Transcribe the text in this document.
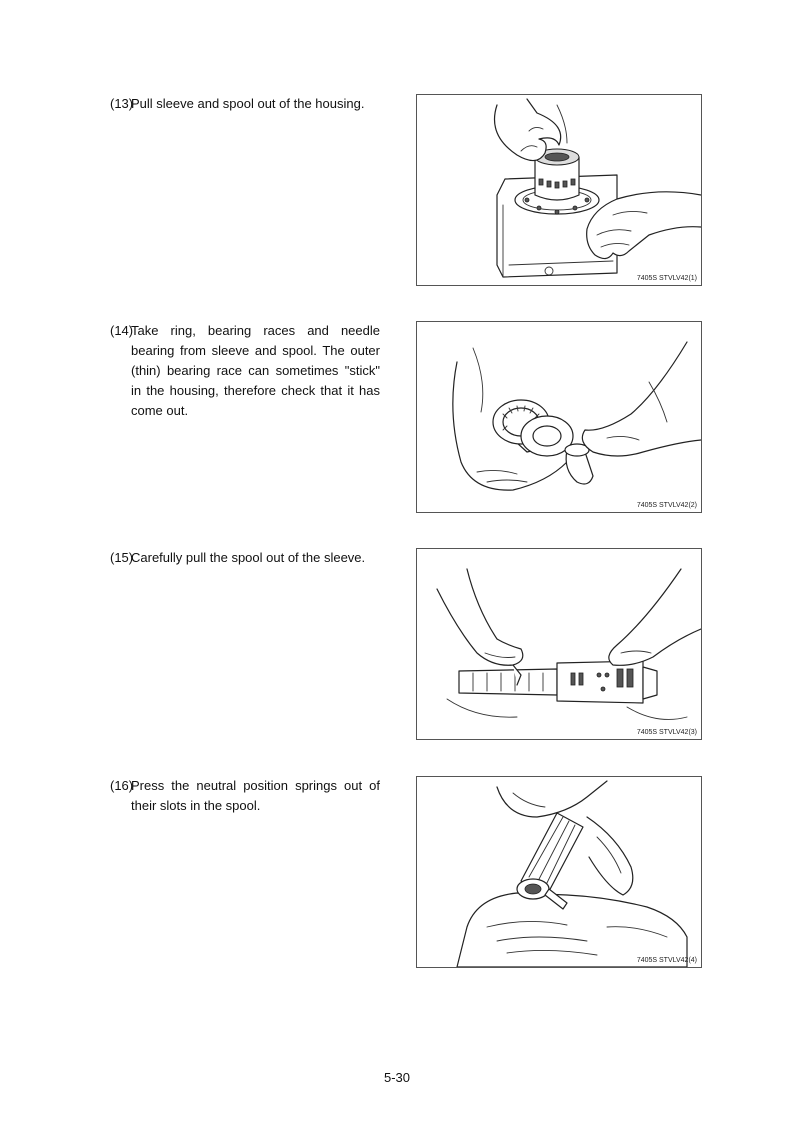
(13)
Pull sleeve and spool out of the housing.
7405S STVLV42(1)
(14)
Take ring, bearing races and needle bearing from sleeve and spool. The outer (thin) bearing race can sometimes "stick" in the housing, therefore check that it has come out.
7405S STVLV42(2)
(15)
Carefully pull the spool out of the sleeve.
7405S STVLV42(3)
(16)
Press the neutral position springs out of their slots in the spool.
7405S STVLV42(4)
5-30
